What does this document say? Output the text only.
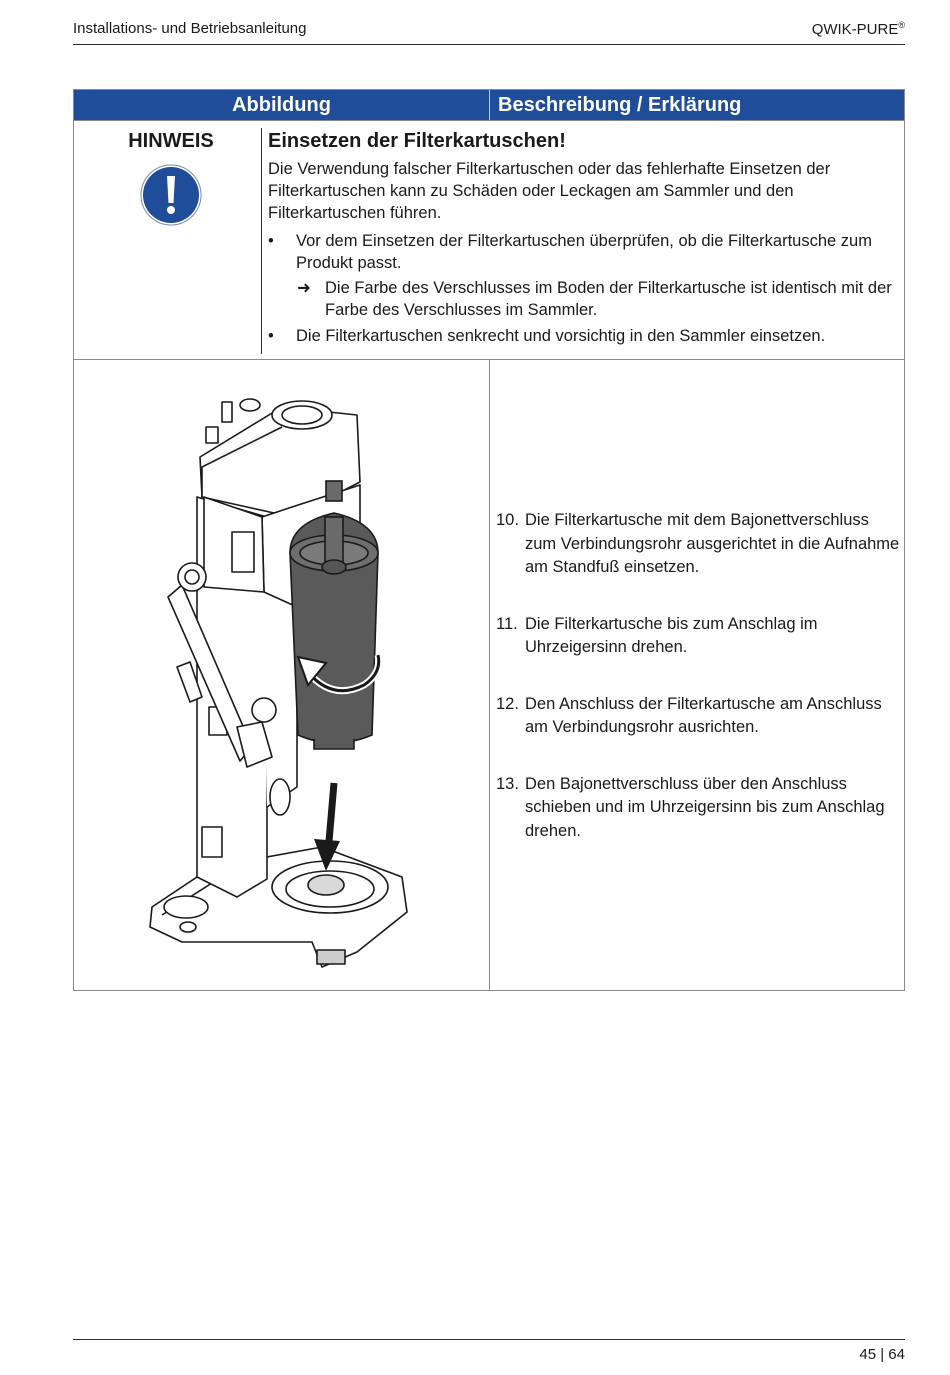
Installations- und Betriebsanleitung	QWIK-PURE®
Abbildung	Beschreibung / Erklärung
HINWEIS	Einsetzen der Filterkartuschen!
Die Verwendung falscher Filterkartuschen oder das fehlerhafte Einsetzen der Filterkartuschen kann zu Schäden oder Leckagen am Sammler und den Filterkartuschen führen.
• Vor dem Einsetzen der Filterkartuschen überprüfen, ob die Filterkartusche zum Produkt passt.
➜ Die Farbe des Verschlusses im Boden der Filterkartusche ist identisch mit der Farbe des Verschlusses im Sammler.
• Die Filterkartuschen senkrecht und vorsichtig in den Sammler einsetzen.
10. Die Filterkartusche mit dem Bajonettverschluss zum Verbindungsrohr ausgerichtet in die Aufnahme am Standfuß einsetzen.
11. Die Filterkartusche bis zum Anschlag im Uhrzeigersinn drehen.
12. Den Anschluss der Filterkartusche am Anschluss am Verbindungsrohr ausrichten.
13. Den Bajonettverschluss über den Anschluss schieben und im Uhrzeigersinn bis zum Anschlag drehen.
45 | 64
